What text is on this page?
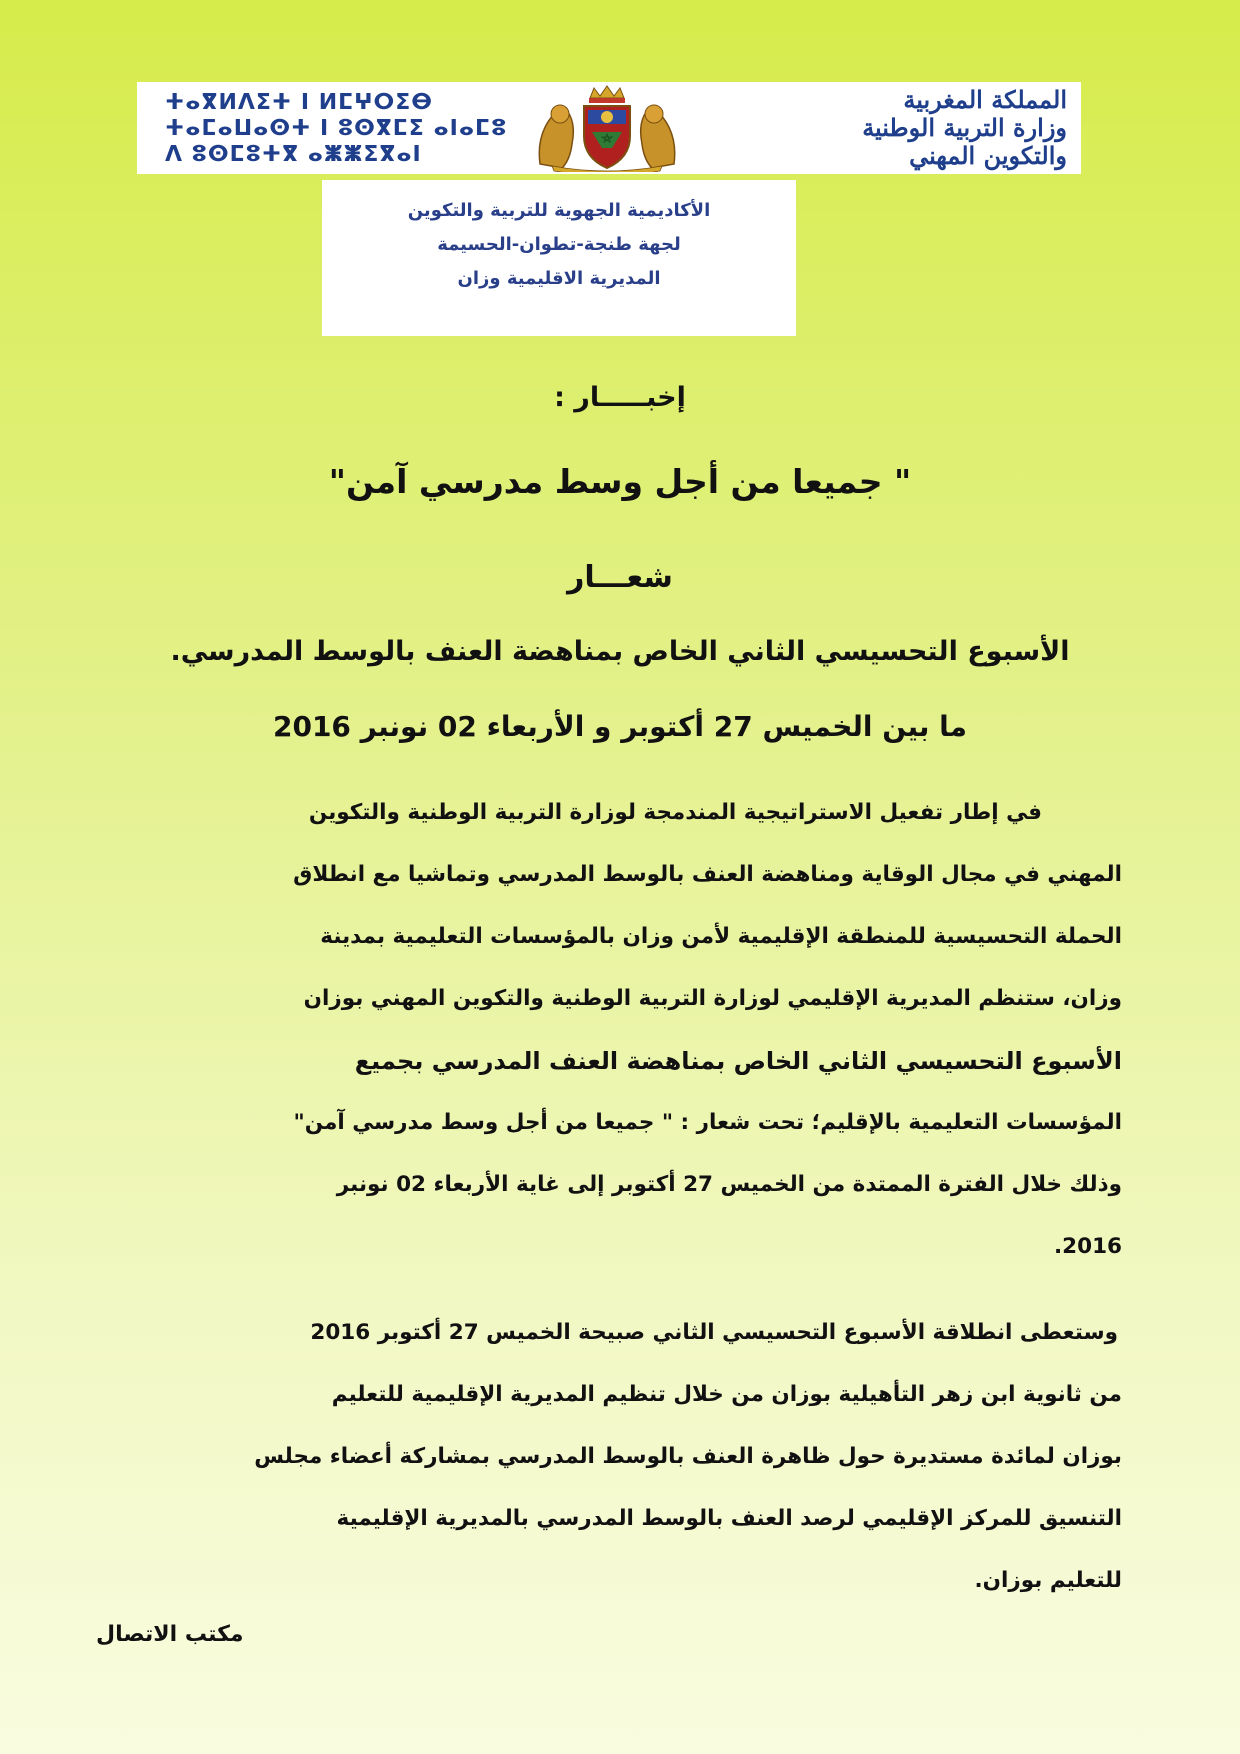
ⵜⴰⴳⵍⴷⵉⵜ ⵏ ⵍⵎⵖⵔⵉⴱ
ⵜⴰⵎⴰⵡⴰⵙⵜ ⵏ ⵓⵙⴳⵎⵉ ⴰⵏⴰⵎⵓ
ⴷ ⵓⵙⵎⵓⵜⴳ ⴰⵥⵥⵉⴳⴰⵏ
المملكة المغربية
وزارة التربية الوطنية
والتكوين المهني
الأكاديمية الجهوية للتربية والتكوين
لجهة طنجة-تطوان-الحسيمة
المديرية الاقليمية وزان
إخبـــــار :
" جميعا من أجل وسط مدرسي آمن"
شعـــار
الأسبوع التحسيسي الثاني الخاص بمناهضة العنف بالوسط المدرسي.
ما بين الخميس 27 أكتوبر و الأربعاء 02 نونبر 2016
في إطار تفعيل الاستراتيجية المندمجة لوزارة التربية الوطنية والتكوين
المهني في مجال الوقاية ومناهضة العنف بالوسط المدرسي وتماشيا مع انطلاق
الحملة التحسيسية للمنطقة الإقليمية لأمن وزان بالمؤسسات التعليمية بمدينة
وزان، ستنظم المديرية الإقليمي لوزارة التربية الوطنية والتكوين المهني بوزان
الأسبوع التحسيسي الثاني الخاص بمناهضة العنف المدرسي بجميع
المؤسسات التعليمية بالإقليم؛ تحت شعار : " جميعا من أجل وسط مدرسي آمن"
وذلك خلال الفترة الممتدة من الخميس 27 أكتوبر إلى غاية الأربعاء 02 نونبر
2016.
وستعطى انطلاقة الأسبوع التحسيسي الثاني صبيحة الخميس 27 أكتوبر 2016
من ثانوية ابن زهر التأهيلية بوزان من خلال تنظيم المديرية الإقليمية للتعليم
بوزان لمائدة مستديرة حول ظاهرة العنف بالوسط المدرسي بمشاركة أعضاء مجلس
التنسيق للمركز الإقليمي لرصد العنف بالوسط المدرسي بالمديرية الإقليمية
للتعليم بوزان.
مكتب الاتصال
